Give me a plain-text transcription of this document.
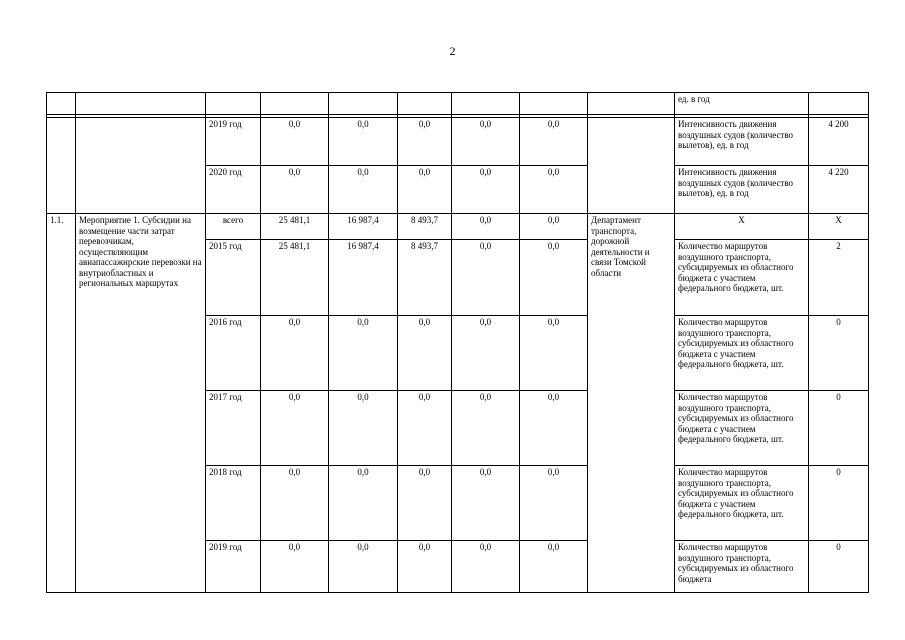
2
									ед. в год	

		2019 год	0,0	0,0	0,0	0,0	0,0		Интенсивность движения воздушных судов (количество вылетов), ед. в год	4 200
		2020 год	0,0	0,0	0,0	0,0	0,0		Интенсивность движения воздушных судов (количество вылетов), ед. в год	4 220
1.1.	Мероприятие 1. Субсидии на возмещение части затрат перевозчикам, осуществляющим авиапассажирские перевозки на внутриобластных и региональных маршрутах	всего	25 481,1	16 987,4	8 493,7	0,0	0,0	Департамент транспорта, дорожной деятельности и связи Томской области	Х	Х
		2015 год	25 481,1	16 987,4	8 493,7	0,0	0,0		Количество маршрутов воздушного транспорта, субсидируемых из областного бюджета с участием федерального бюджета, шт.	2
		2016 год	0,0	0,0	0,0	0,0	0,0		Количество маршрутов воздушного транспорта, субсидируемых из областного бюджета с участием федерального бюджета, шт.	0
		2017 год	0,0	0,0	0,0	0,0	0,0		Количество маршрутов воздушного транспорта, субсидируемых из областного бюджета с участием федерального бюджета, шт.	0
		2018 год	0,0	0,0	0,0	0,0	0,0		Количество маршрутов воздушного транспорта, субсидируемых из областного бюджета с участием федерального бюджета, шт.	0
		2019 год	0,0	0,0	0,0	0,0	0,0		Количество маршрутов воздушного транспорта, субсидируемых из областного бюджета	0
